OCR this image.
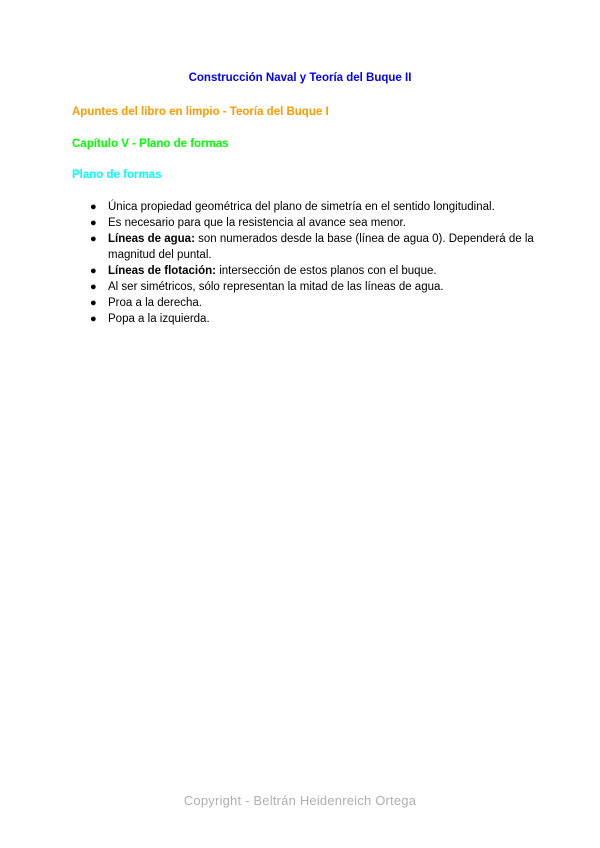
Construcción Naval y Teoría del Buque II
Apuntes del libro en limpio - Teoría del Buque I
Capítulo V - Plano de formas
Plano de formas
● Única propiedad geométrica del plano de simetría en el sentido longitudinal.
● Es necesario para que la resistencia al avance sea menor.
● Líneas de agua: son numerados desde la base (línea de agua 0). Dependerá de la magnitud del puntal.
● Líneas de flotación: intersección de estos planos con el buque.
● Al ser simétricos, sólo representan la mitad de las líneas de agua.
● Proa a la derecha.
● Popa a la izquierda.
Copyright - Beltrán Heidenreich Ortega
